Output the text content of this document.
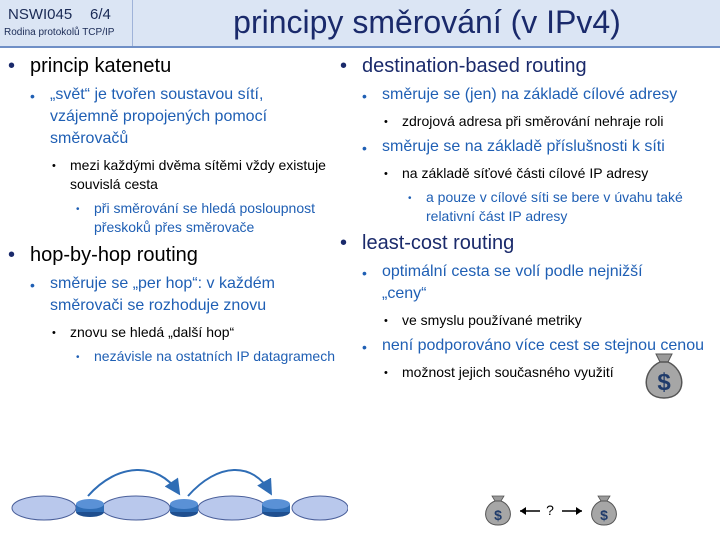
NSWI045 6/4
Rodina protokolů TCP/IP	principy směrování (v IPv4)
• princip katenetu
• „svět“ je tvořen soustavou sítí, vzájemně propojených pomocí směrovačů
• mezi každými dvěma sítěmi vždy existuje souvislá cesta
• při směrování se hledá posloupnost přeskoků přes směrovače
• hop-by-hop routing
• směruje se „per hop“: v každém směrovači se rozhoduje znovu
• znovu se hledá „další hop“
• nezávisle na ostatních IP datagramech
• destination-based routing
• směruje se (jen) na základě cílové adresy
• zdrojová adresa při směrování nehraje roli
• směruje se na základě příslušnosti k síti
• na základě síťové části cílové IP adresy
• a pouze v cílové síti se bere v úvahu také relativní část IP adresy
• least-cost routing
• optimální cesta se volí podle nejnižší „ceny“
• ve smyslu používané metriky
• není podporováno více cest se stejnou cenou
• možnost jejich současného využití	$
$	?	$
